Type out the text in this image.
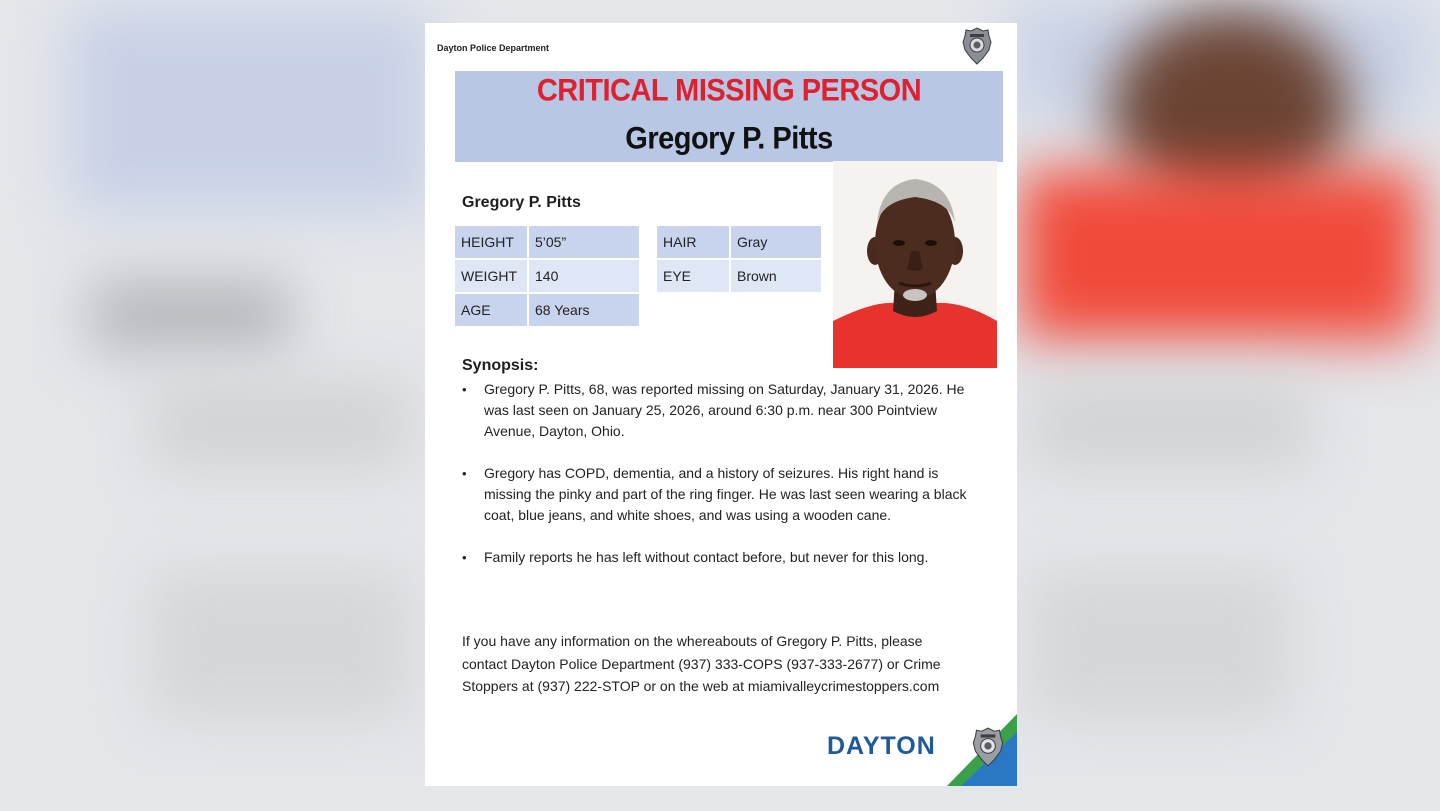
Dayton Police Department
CRITICAL MISSING PERSON
Gregory P. Pitts
Gregory P. Pitts
HEIGHT	5’05”
WEIGHT	140
AGE	68 Years
HAIR	Gray
EYE	Brown
Synopsis:
• Gregory P. Pitts, 68, was reported missing on Saturday, January 31, 2026. He was last seen on January 25, 2026, around 6:30 p.m. near 300 Pointview Avenue, Dayton, Ohio.
• Gregory has COPD, dementia, and a history of seizures. His right hand is missing the pinky and part of the ring finger. He was last seen wearing a black coat, blue jeans, and white shoes, and was using a wooden cane.
• Family reports he has left without contact before, but never for this long.
If you have any information on the whereabouts of Gregory P. Pitts, please contact Dayton Police Department (937) 333-COPS (937-333-2677) or Crime Stoppers at (937) 222-STOP or on the web at miamivalleycrimestoppers.com
DAYTON
